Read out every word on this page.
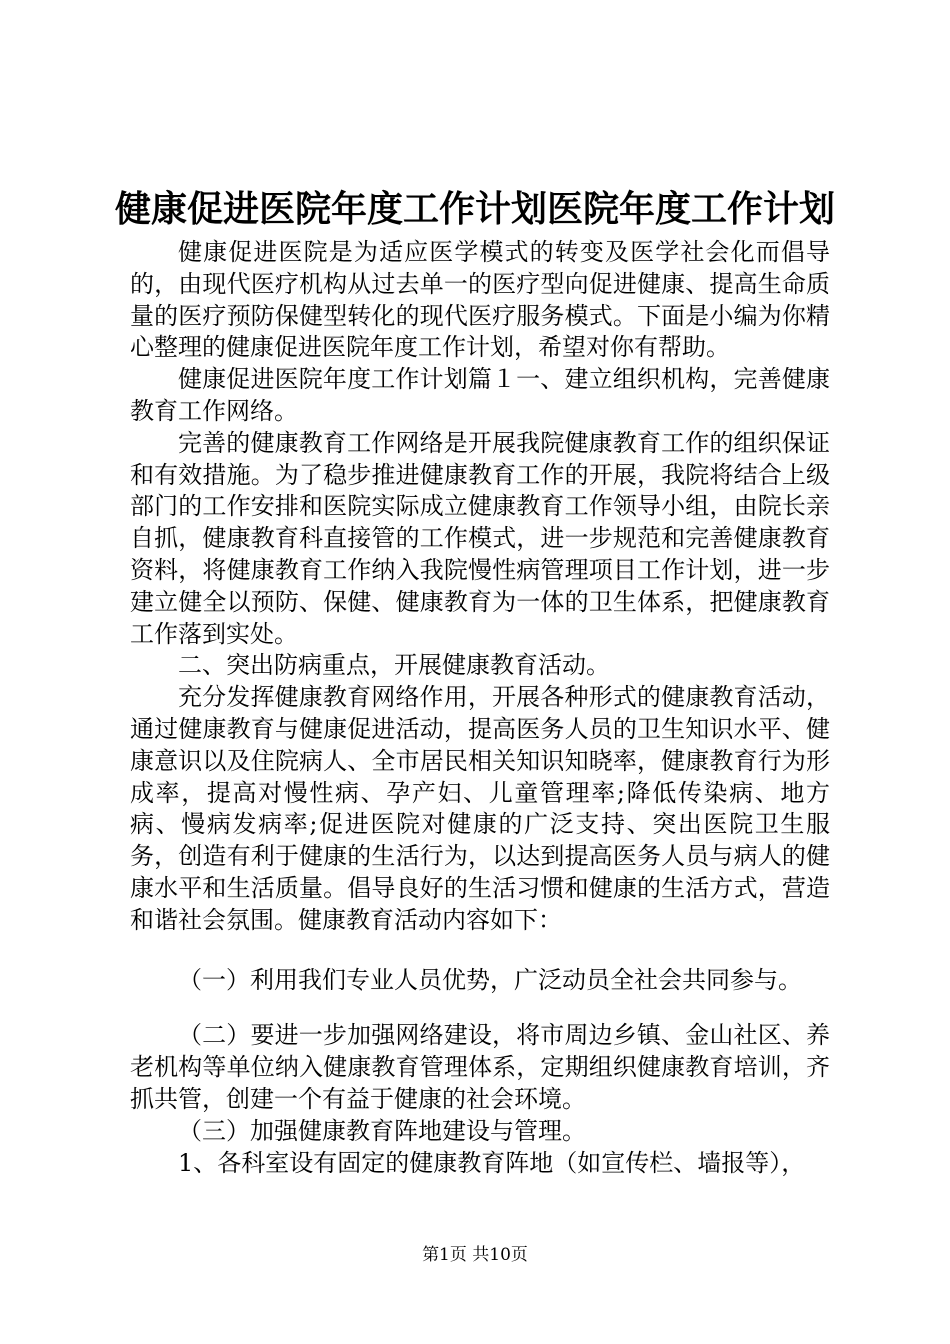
健康促进医院年度工作计划医院年度工作计划

健康促进医院是为适应医学模式的转变及医学社会化而倡导的，由现代医疗机构从过去单一的医疗型向促进健康、提高生命质量的医疗预防保健型转化的现代医疗服务模式。下面是小编为你精心整理的健康促进医院年度工作计划，希望对你有帮助。

健康促进医院年度工作计划篇１一、建立组织机构，完善健康教育工作网络。

完善的健康教育工作网络是开展我院健康教育工作的组织保证和有效措施。为了稳步推进健康教育工作的开展，我院将结合上级部门的工作安排和医院实际成立健康教育工作领导小组，由院长亲自抓，健康教育科直接管的工作模式，进一步规范和完善健康教育资料，将健康教育工作纳入我院慢性病管理项目工作计划，进一步建立健全以预防、保健、健康教育为一体的卫生体系，把健康教育工作落到实处。

二、突出防病重点，开展健康教育活动。

充分发挥健康教育网络作用，开展各种形式的健康教育活动，通过健康教育与健康促进活动，提高医务人员的卫生知识水平、健康意识以及住院病人、全市居民相关知识知晓率，健康教育行为形成率，提高对慢性病、孕产妇、儿童管理率;降低传染病、地方病、慢病发病率;促进医院对健康的广泛支持、突出医院卫生服务，创造有利于健康的生活行为，以达到提高医务人员与病人的健康水平和生活质量。倡导良好的生活习惯和健康的生活方式，营造和谐社会氛围。健康教育活动内容如下：

（一）利用我们专业人员优势，广泛动员全社会共同参与。

（二）要进一步加强网络建设，将市周边乡镇、金山社区、养老机构等单位纳入健康教育管理体系，定期组织健康教育培训，齐抓共管，创建一个有益于健康的社会环境。

（三）加强健康教育阵地建设与管理。

1、各科室设有固定的健康教育阵地（如宣传栏、墙报等），

第1页 共10页
